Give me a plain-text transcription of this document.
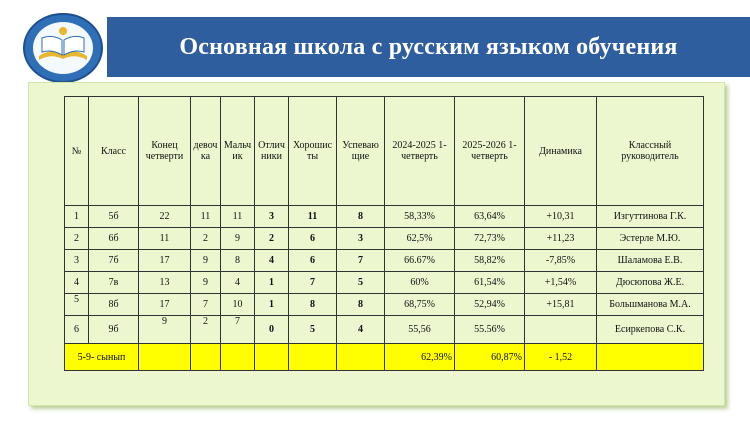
Основная школа с русским языком обучения
№	Класс	Конец четверти	девоч ка	Мальч ик	Отлич ники	Хорошис ты	Успеваю щие	2024-2025 1-четверть	2025-2026 1-четверть	Динамика	Классный руководитель
1	5б	22	11	11	3	11	8	58,33%	63,64%	+10,31	Изгуттинова Г.К.
2	6б	11	2	9	2	6	3	62,5%	72,73%	+11,23	Эстерле М.Ю.
3	7б	17	9	8	4	6	7	66.67%	58,82%	-7,85%	Шаламова Е.В.
4	7в	13	9	4	1	7	5	60%	61,54%	+1,54%	Дюсюпова Ж.Е.
5	8б	17	7	10	1	8	8	68,75%	52,94%	+15,81	Большманова М.А.
6	9б	9	2	7	0	5	4	55,56	55.56%		Есиркепова С.К.
5-9- сынып								62,39%	60,87%	- 1,52	
